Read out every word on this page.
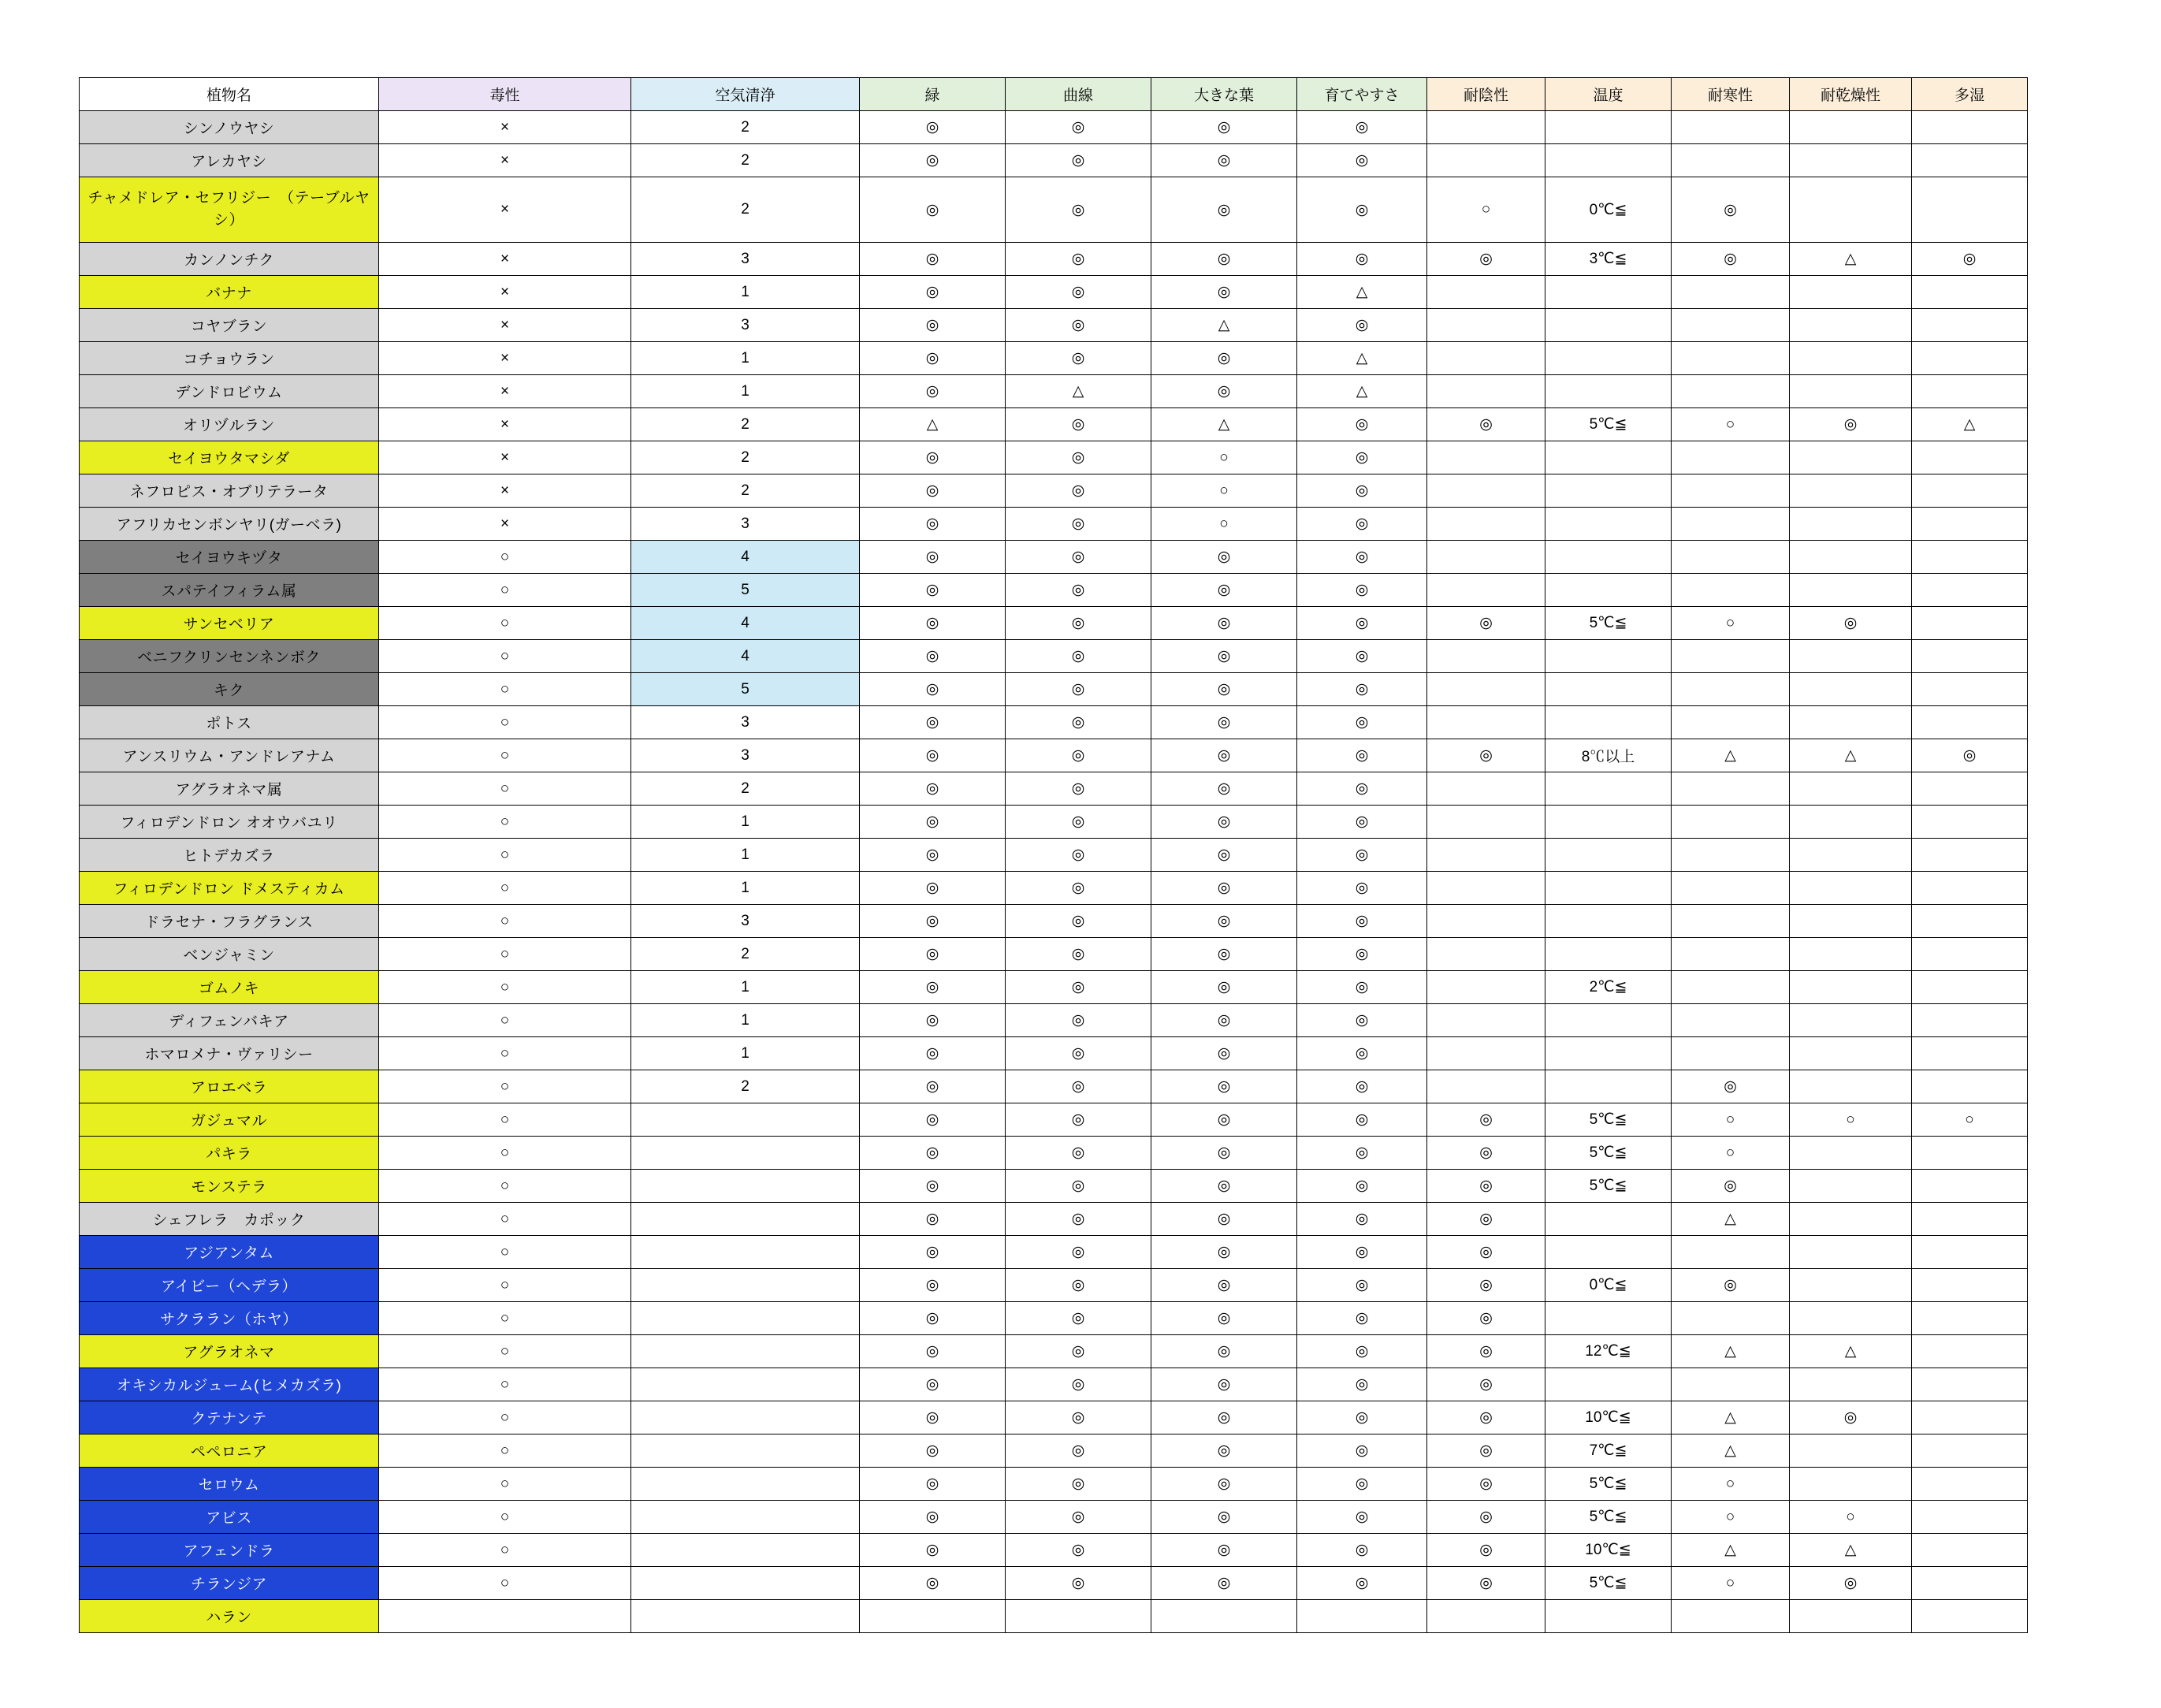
植物名	毒性	空気清浄	緑	曲線	大きな葉	育てやすさ	耐陰性	温度	耐寒性	耐乾燥性	多湿
シンノウヤシ	×	2	◎	◎	◎	◎					
アレカヤシ	×	2	◎	◎	◎	◎					
チャメドレア・セフリジー　（テーブルヤシ）	×	2	◎	◎	◎	◎	○	0℃≦	◎		
カンノンチク	×	3	◎	◎	◎	◎	◎	3℃≦	◎	△	◎
バナナ	×	1	◎	◎	◎	△					
コヤブラン	×	3	◎	◎	△	◎					
コチョウラン	×	1	◎	◎	◎	△					
デンドロビウム	×	1	◎	△	◎	△					
オリヅルラン	×	2	△	◎	△	◎	◎	5℃≦	○	◎	△
セイヨウタマシダ	×	2	◎	◎	○	◎					
ネフロピス・オブリテラータ	×	2	◎	◎	○	◎					
アフリカセンボンヤリ(ガーベラ)	×	3	◎	◎	○	◎					
セイヨウキヅタ	○	4	◎	◎	◎	◎					
スパテイフィラム属	○	5	◎	◎	◎	◎					
サンセベリア	○	4	◎	◎	◎	◎	◎	5℃≦	○	◎	
ベニフクリンセンネンボク	○	4	◎	◎	◎	◎					
キク	○	5	◎	◎	◎	◎					
ポトス	○	3	◎	◎	◎	◎					
アンスリウム・アンドレアナム	○	3	◎	◎	◎	◎	◎	8℃以上	△	△	◎
アグラオネマ属	○	2	◎	◎	◎	◎					
フィロデンドロン オオウバユリ	○	1	◎	◎	◎	◎					
ヒトデカズラ	○	1	◎	◎	◎	◎					
フィロデンドロン ドメスティカム	○	1	◎	◎	◎	◎					
ドラセナ・フラグランス	○	3	◎	◎	◎	◎					
ベンジャミン	○	2	◎	◎	◎	◎					
ゴムノキ	○	1	◎	◎	◎	◎		2℃≦			
ディフェンバキア	○	1	◎	◎	◎	◎					
ホマロメナ・ヴァリシー	○	1	◎	◎	◎	◎					
アロエベラ	○	2	◎	◎	◎	◎			◎		
ガジュマル	○		◎	◎	◎	◎	◎	5℃≦	○	○	○
パキラ	○		◎	◎	◎	◎	◎	5℃≦	○		
モンステラ	○		◎	◎	◎	◎	◎	5℃≦	◎		
シェフレラ　カポック	○		◎	◎	◎	◎	◎		△		
アジアンタム	○		◎	◎	◎	◎	◎				
アイビー（ヘデラ）	○		◎	◎	◎	◎	◎	0℃≦	◎		
サクララン（ホヤ）	○		◎	◎	◎	◎	◎				
アグラオネマ	○		◎	◎	◎	◎	◎	12℃≦	△	△	
オキシカルジューム(ヒメカズラ)	○		◎	◎	◎	◎	◎				
クテナンテ	○		◎	◎	◎	◎	◎	10℃≦	△	◎	
ペペロニア	○		◎	◎	◎	◎	◎	7℃≦	△		
セロウム	○		◎	◎	◎	◎	◎	5℃≦	○		
アビス	○		◎	◎	◎	◎	◎	5℃≦	○	○	
アフェンドラ	○		◎	◎	◎	◎	◎	10℃≦	△	△	
チランジア	○		◎	◎	◎	◎	◎	5℃≦	○	◎	
ハラン											
